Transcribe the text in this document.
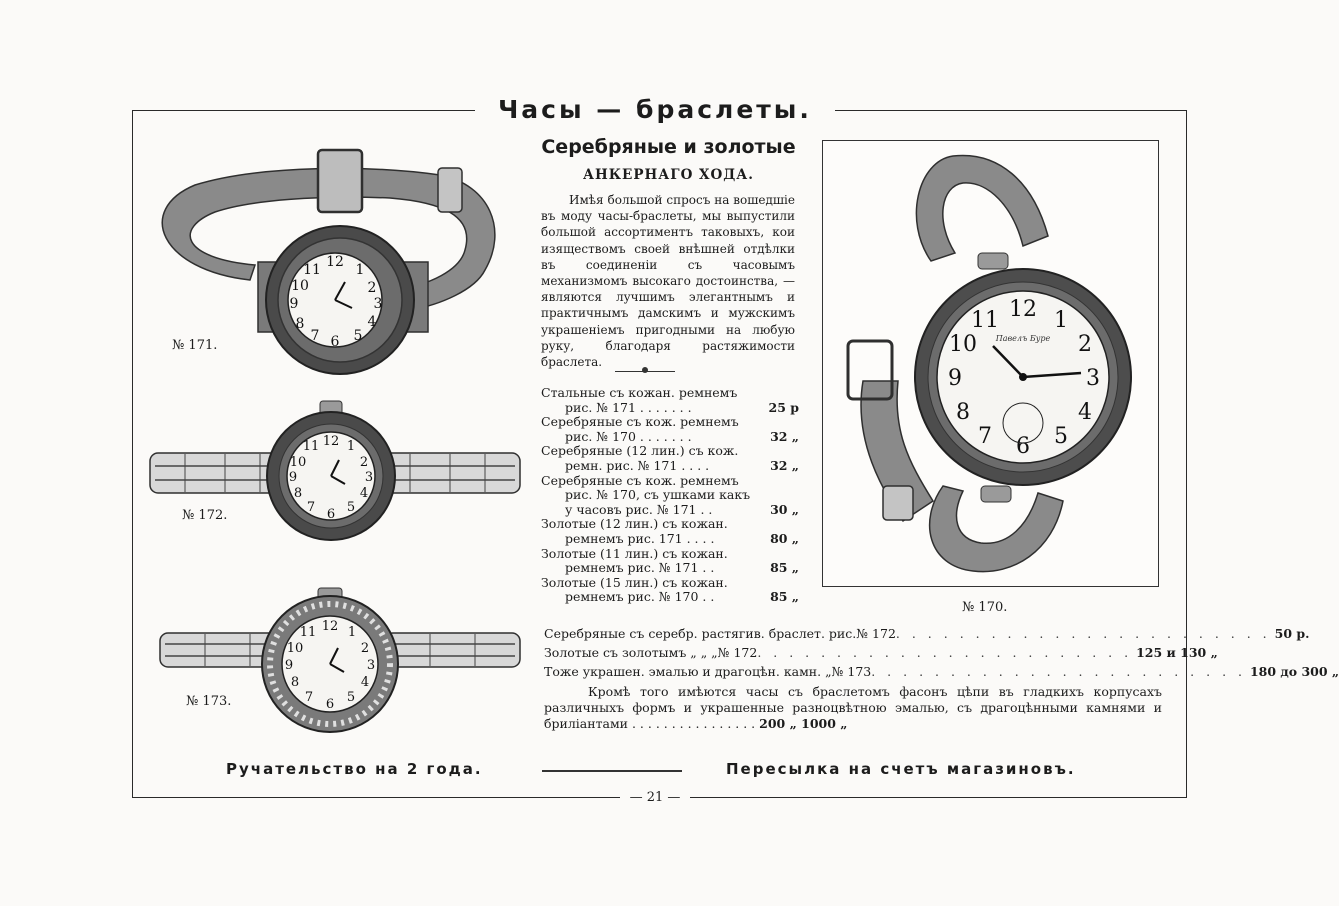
Часы — браслеты.
Серебряные и золотые
АНКЕРНАГО ХОДА.

Имѣя большой спросъ на вошедшіе въ моду часы-браслеты, мы выпустили большой ассортиментъ таковыхъ, кои изяществомъ своей внѣшней отдѣлки въ соединеніи съ часовымъ механизмомъ высокаго достоинства, — являются лучшимъ элегантнымъ и практичнымъ дамскимъ и мужскимъ украшеніемъ пригодными на любую руку, благодаря растяжимости браслета.

12 1
2
3
4
5
6
7
8
9
10
11

№ 171.

12 1
2
3
4
5
6
7
8
9
10
11

№ 172.

12 1
2
3
4
5
6
7
8
9
10
11

№ 173.

12 1
2
3
4
5
6
7
8
9
10
11
Павелъ Буре

№ 170.

Стальные съ кожан. ремнемъ
рис. № 171 . . . . . . .	25 р
Серебряные съ кож. ремнемъ
рис. № 170 . . . . . . .	32 „
Серебряные (12 лин.) съ кож.
ремн. рис. № 171 . . . .	32 „
Серебряные съ кож. ремнемъ
рис. № 170, съ ушками какъ
у часовъ рис. № 171 . .	30 „
Золотые (12 лин.) съ кожан.
ремнемъ рис. 171 . . . .	80 „
Золотые (11 лин.) съ кожан.
ремнемъ рис. № 171 . .	85 „
Золотые (15 лин.) съ кожан.
ремнемъ рис. № 170 . .	85 „
Серебряные съ серебр. растягив. браслет. рис. № 172 . . . . . . . . . . . . . . . . . . . . . . . . 50 р.
Золотые съ золотымъ „ „ „ № 172 . . . . . . . . . . . . . . . . . . . . . . . . 125 и 130 „
Тоже украшен. эмалью и драгоцѣн. камн. „ № 173 . . . . . . . . . . . . . . . . . . . . . . . . 180 до 300 „

Кромѣ того имѣются часы съ браслетомъ фасонъ цѣпи въ гладкихъ корпусахъ различныхъ формъ и украшенные разноцвѣтною эмалью, съ драгоцѣнными камнями и бриліантами . . . . . . . . . . . . . . . . 200 „ 1000 „

Ручательство на 2 года.	Пересылка на счетъ магазиновъ.

— 21 —
